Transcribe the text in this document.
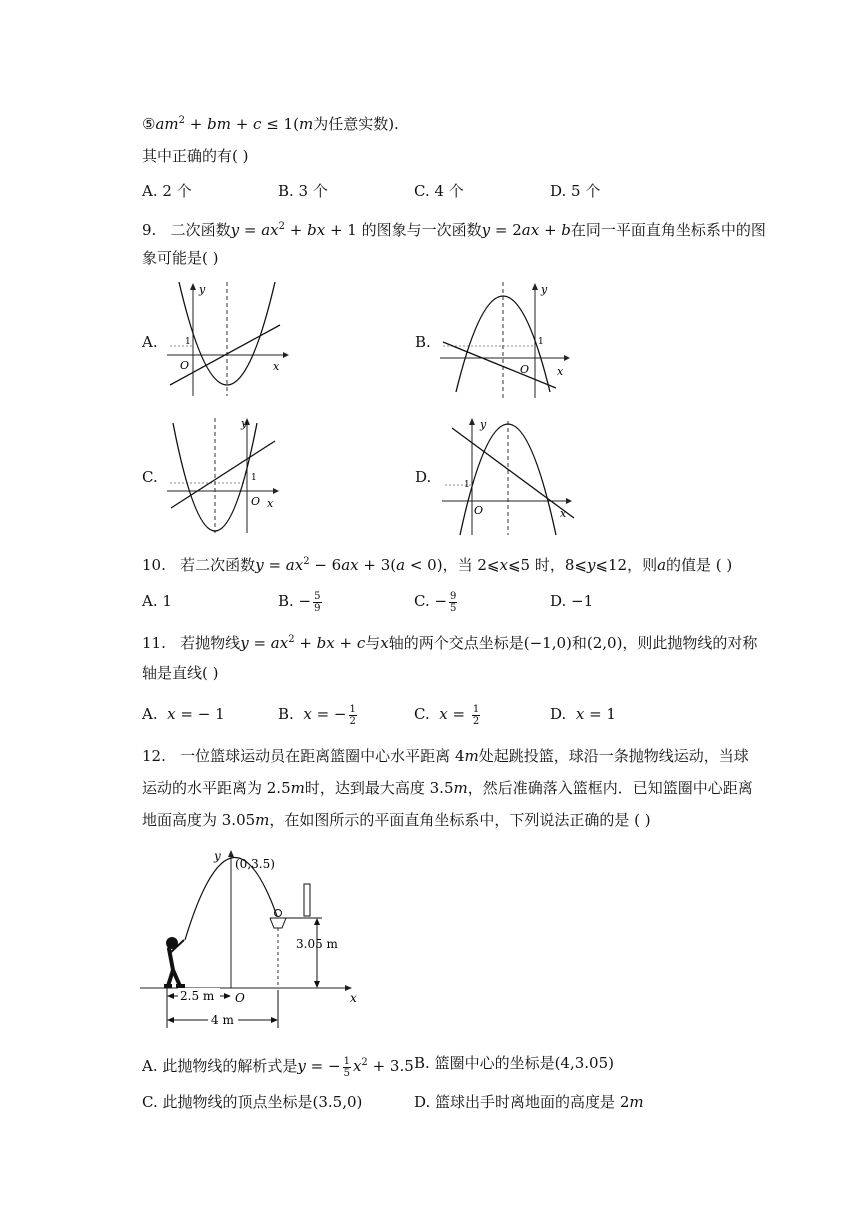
$⑤am^2$ + bm + c ≤ 1(m为任意实数).
其中正确的有( )
A. 2 个	B. 3 个	C. 4 个	D. 5 个
9. 二次函数$y = ax^2$ + bx + 1 的图象与一次函数y = 2ax + b在同一平面直角坐标系中的图
象可能是( )
A.	B.
C.	D.
y
x
O
1
y
x
O
1
y
x
O
1
y
x
O
1
10. 若二次函数$y = ax^2 - 6ax + 3(a < 0)$，当 2⩽x⩽5 时，8⩽y⩽12，则a的值是 ( )
A. 1	B. − $\frac{5}{9}$	C. − $\frac{9}{5}$	D. −1
11. 若抛物线$y = ax^2$ + bx + c与x轴的两个交点坐标是(−1,0)和(2,0)，则此抛物线的对称
轴是直线( )
A. x = − 1	B. x = − $\frac{1}{2}$	C. $x = \frac{1}{2}$	D. x = 1
12. 一位篮球运动员在距离篮圈中心水平距离 4m处起跳投篮，球沿一条抛物线运动，当球
运动的水平距离为 2.5m时，达到最大高度 3.5m，然后准确落入篮框内．已知篮圈中心距离
地面高度为 3.05m，在如图所示的平面直角坐标系中，下列说法正确的是 ( )
3.05 m
(0,3.5)
y
x
O
2.5 m
4 m
A. 此抛物线的解析式是y = − $\frac{1}{5} x^2 + 3.5$ B. 篮圈中心的坐标是(4,3.05)
C. 此抛物线的顶点坐标是(3.5,0)	D. 篮球出手时离地面的高度是 2m
